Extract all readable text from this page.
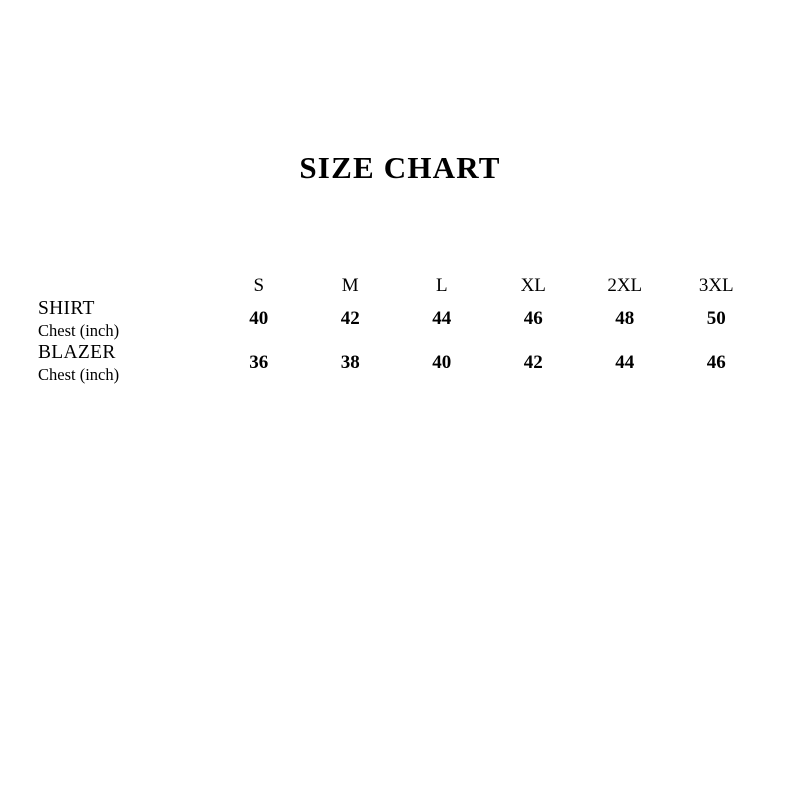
SIZE CHART
	S	M	L	XL	2XL	3XL

SHIRT
Chest (inch)	40	42	44	46	48	50

BLAZER
Chest (inch)	36	38	40	42	44	46
